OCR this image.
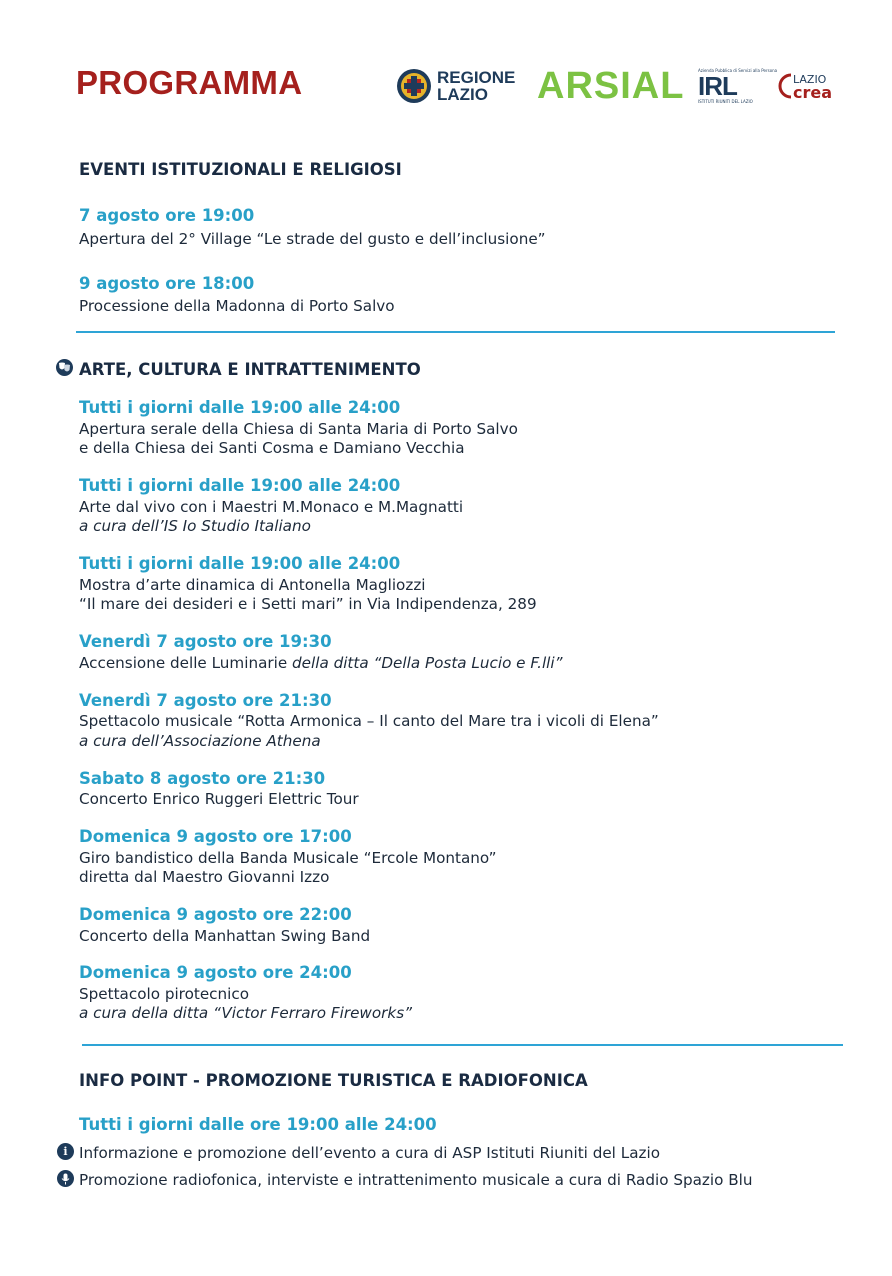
PROGRAMMA	REGIONE
LAZIO	ARSIAL	Azienda Pubblica di Servizi alla Persona
IRL
ISTITUTI RIUNITI DEL LAZIO
LAZIO
crea
EVENTI ISTITUZIONALI E RELIGIOSI
7 agosto ore 19:00
Apertura del 2° Village “Le strade del gusto e dell’inclusione”
9 agosto ore 18:00
Processione della Madonna di Porto Salvo
ARTE, CULTURA E INTRATTENIMENTO
Tutti i giorni dalle 19:00 alle 24:00
Apertura serale della Chiesa di Santa Maria di Porto Salvo
e della Chiesa dei Santi Cosma e Damiano Vecchia
Tutti i giorni dalle 19:00 alle 24:00
Arte dal vivo con i Maestri M.Monaco e M.Magnatti
a cura dell’IS Io Studio Italiano
Tutti i giorni dalle 19:00 alle 24:00
Mostra d’arte dinamica di Antonella Magliozzi
“Il mare dei desideri e i Setti mari” in Via Indipendenza, 289
Venerdì 7 agosto ore 19:30
Accensione delle Luminarie della ditta “Della Posta Lucio e F.lli”
Venerdì 7 agosto ore 21:30
Spettacolo musicale “Rotta Armonica – Il canto del Mare tra i vicoli di Elena”
a cura dell’Associazione Athena
Sabato 8 agosto ore 21:30
Concerto Enrico Ruggeri Elettric Tour
Domenica 9 agosto ore 17:00
Giro bandistico della Banda Musicale “Ercole Montano”
diretta dal Maestro Giovanni Izzo
Domenica 9 agosto ore 22:00
Concerto della Manhattan Swing Band
Domenica 9 agosto ore 24:00
Spettacolo pirotecnico
a cura della ditta “Victor Ferraro Fireworks”
INFO POINT - PROMOZIONE TURISTICA E RADIOFONICA
Tutti i giorni dalle ore 19:00 alle 24:00
i Informazione e promozione dell’evento a cura di ASP Istituti Riuniti del Lazio
Promozione radiofonica, interviste e intrattenimento musicale a cura di Radio Spazio Blu
